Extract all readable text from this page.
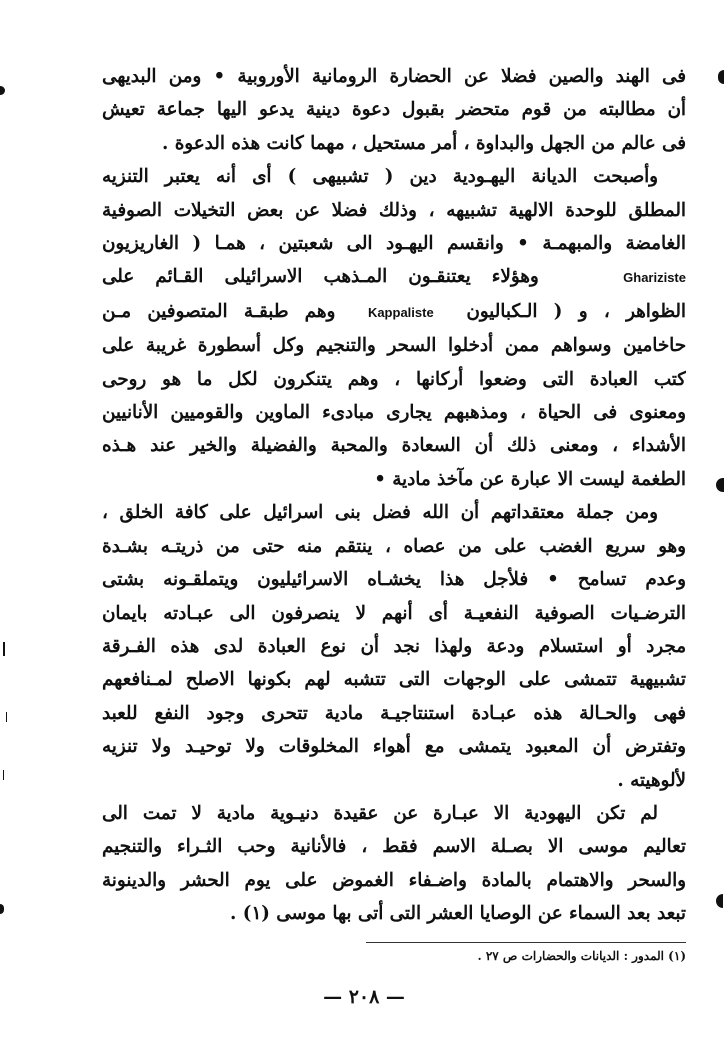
فى الهند والصين فضلا عن الحضارة الرومانية الأوروبية • ومن البديهى
أن مطالبته من قوم متحضر بقبول دعوة دينية يدعو اليها جماعة تعيش
فى عالم من الجهل والبداوة ، أمر مستحيل ، مهما كانت هذه الدعوة .
وأصبحت الديانة اليهـودية دين ( تشبيهى ) أى أنه يعتبر التنزيه
المطلق للوحدة الالهية تشبيهه ، وذلك فضلا عن بعض التخيلات الصوفية
الغامضة والمبهمـة • وانقسم اليهـود الى شعبتين ، همـا ( الغاريزيون
Ghariziste    وهؤلاء يعتنقـون المـذهب الاسرائيلى القـائم على
الظواهر ، و ( الـكباليون  Kappaliste  وهم طبقـة المتصوفين مـن
حاخامين وسواهم ممن أدخلوا السحر والتنجيم وكل أسطورة غريبة على
كتب العبادة التى وضعوا أركانها ، وهم يتنكرون لكل ما هو روحى
ومعنوى فى الحياة ، ومذهبهم يجارى مبادىء الماوين والقوميين الأنانيين
الأشداء ، ومعنى ذلك أن السعادة والمحبة والفضيلة والخير عند هـذه
الطغمة ليست الا عبارة عن مآخذ مادية •
ومن جملة معتقداتهم أن الله فضل بنى اسرائيل على كافة الخلق ،
وهو سريع الغضب على من عصاه ، ينتقم منه حتى من ذريتـه بشـدة
وعدم تسامح • فلأجل هذا يخشـاه الاسرائيليون ويتملقـونه بشتى
الترضـيات الصوفية النفعيـة أى أنهم لا ينصرفون الى عبـادته بايمان
مجرد أو استسلام ودعة ولهذا نجد أن نوع العبادة لدى هذه الفـرقة
تشبيهية تتمشى على الوجهات التى تتشبه لهم بكونها الاصلح لمـنافعهم
فهى والحـالة هذه عبـادة استنتاجيـة مادية تتحرى وجود النفع للعبد
وتفترض أن المعبود يتمشى مع أهواء المخلوقات ولا توحيـد ولا تنزيه
لألوهيته .
لم تكن اليهودية الا عبـارة عن عقيدة دنيـوية مادية لا تمت الى
تعاليم موسى الا بصـلة الاسم فقط ، فالأنانية وحب الثـراء والتنجيم
والسحر والاهتمام بالمادة واضـفاء الغموض على يوم الحشر والدينونة
تبعد بعد السماء عن الوصايا العشر التى أتى بها موسى (١) .
(١) المدور : الديانات والحضارات ص ٢٧ .
— ٢٠٨ —
